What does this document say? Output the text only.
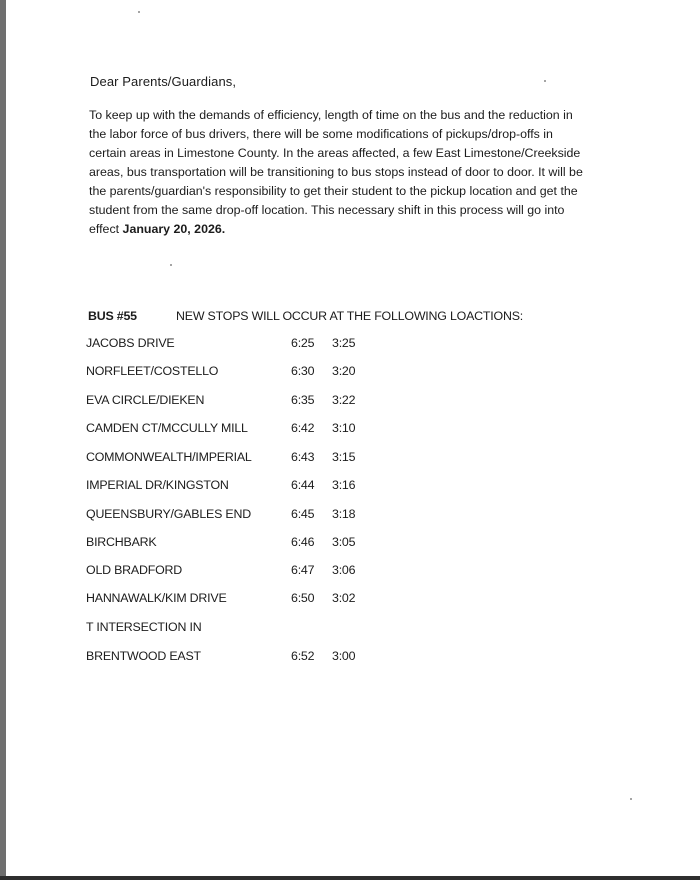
Dear Parents/Guardians,
To keep up with the demands of efficiency, length of time on the bus and the reduction in
the labor force of bus drivers, there will be some modifications of pickups/drop-offs in
certain areas in Limestone County. In the areas affected, a few East Limestone/Creekside
areas, bus transportation will be transitioning to bus stops instead of door to door. It will be
the parents/guardian's responsibility to get their student to the pickup location and get the
student from the same drop-off location. This necessary shift in this process will go into
effect January 20, 2026.
BUS #55	NEW STOPS WILL OCCUR AT THE FOLLOWING LOACTIONS:
JACOBS DRIVE	6:25 3:25
NORFLEET/COSTELLO	6:30 3:20
EVA CIRCLE/DIEKEN	6:35 3:22
CAMDEN CT/MCCULLY MILL	6:42 3:10
COMMONWEALTH/IMPERIAL	6:43 3:15
IMPERIAL DR/KINGSTON	6:44 3:16
QUEENSBURY/GABLES END	6:45 3:18
BIRCHBARK	6:46 3:05
OLD BRADFORD	6:47 3:06
HANNAWALK/KIM DRIVE	6:50 3:02
T INTERSECTION IN
BRENTWOOD EAST	6:52 3:00
